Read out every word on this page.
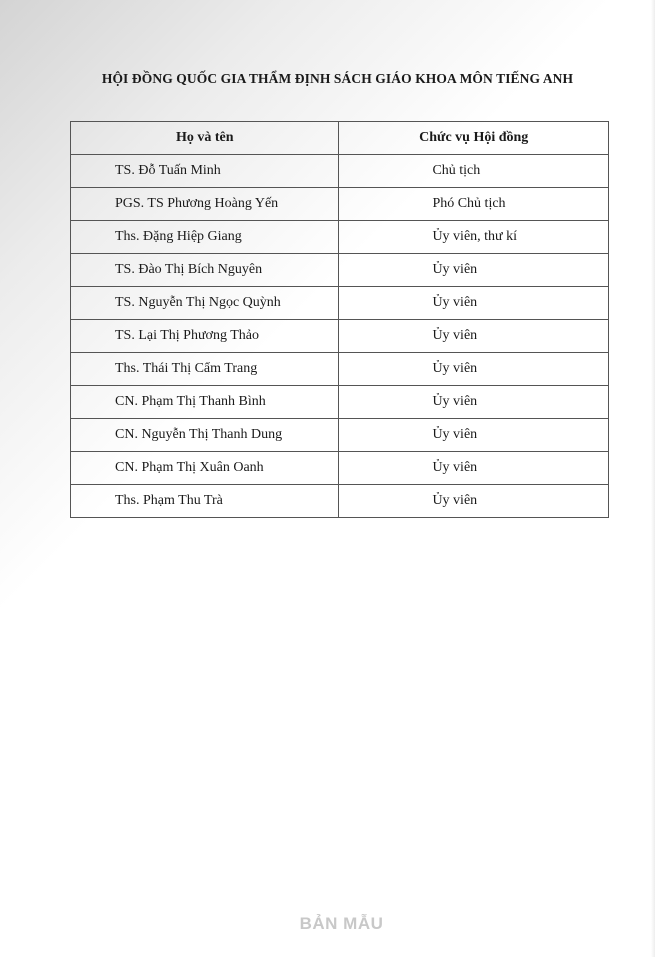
HỘI ĐỒNG QUỐC GIA THẨM ĐỊNH SÁCH GIÁO KHOA MÔN TIẾNG ANH
Họ và tên	Chức vụ Hội đồng
TS. Đỗ Tuấn Minh	Chủ tịch
PGS. TS Phương Hoàng Yến	Phó Chủ tịch
Ths. Đặng Hiệp Giang	Ủy viên, thư kí
TS. Đào Thị Bích Nguyên	Ủy viên
TS. Nguyễn Thị Ngọc Quỳnh	Ủy viên
TS. Lại Thị Phương Thảo	Ủy viên
Ths. Thái Thị Cẩm Trang	Ủy viên
CN. Phạm Thị Thanh Bình	Ủy viên
CN. Nguyễn Thị Thanh Dung	Ủy viên
CN. Phạm Thị Xuân Oanh	Ủy viên
Ths. Phạm Thu Trà	Ủy viên
BẢN MẪU
